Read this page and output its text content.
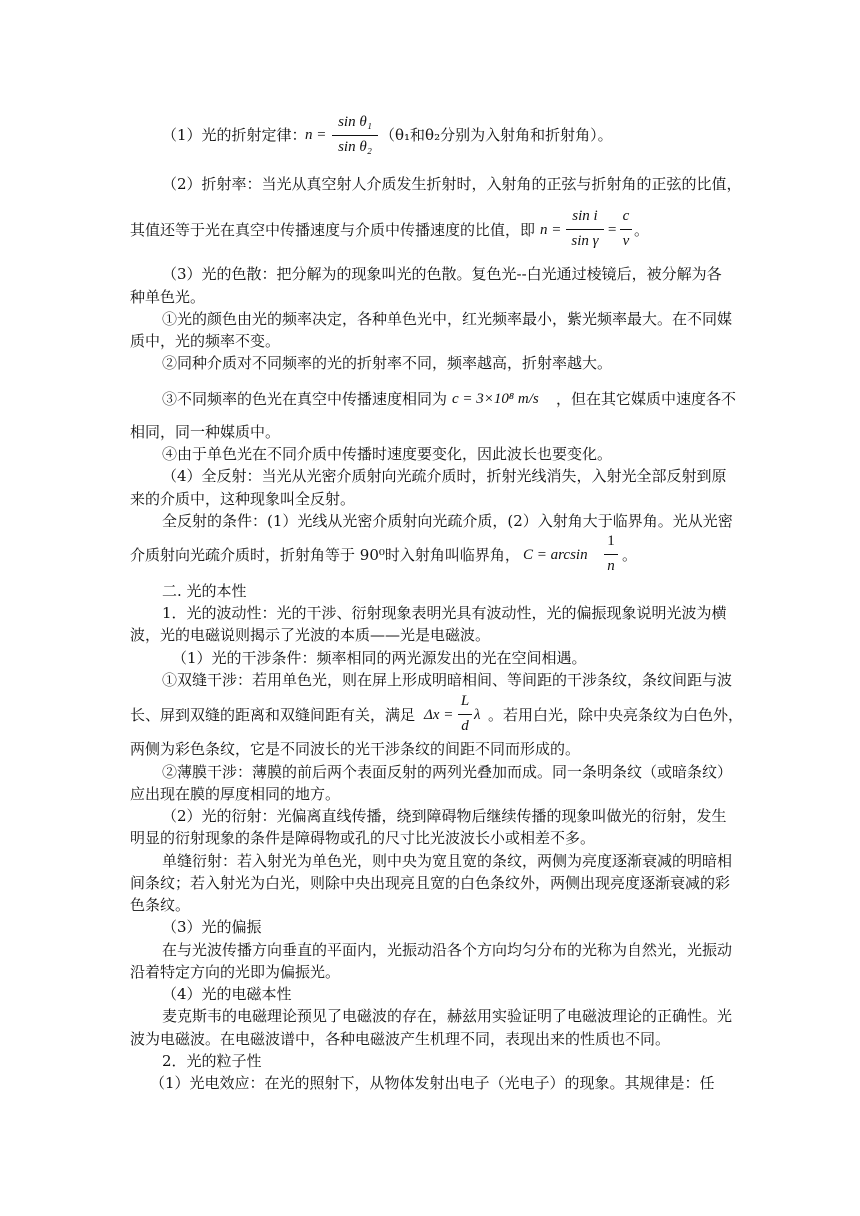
（1）光的折射定律：
n =	（θ₁和θ₂分别为入射角和折射角）。
sin θ₁
sin θ₂
（2）折射率：当光从真空射人介质发生折射时，入射角的正弦与折射角的正弦的比值，
其值还等于光在真空中传播速度与介质中传播速度的比值，即 n =	= 。
sin i
sin γ
c
v
（3）光的色散：把分解为的现象叫光的色散。复色光--白光通过棱镜后，被分解为各
种单色光。
①光的颜色由光的频率决定，各种单色光中，红光频率最小，紫光频率最大。在不同媒
质中，光的频率不变。
②同种介质对不同频率的光的折射率不同，频率越高，折射率越大。
③不同频率的色光在真空中传播速度相同为 c = 3×10⁸ m/s ，但在其它媒质中速度各不
相同，同一种媒质中。
④由于单色光在不同介质中传播时速度要变化，因此波长也要变化。
（4）全反射：当光从光密介质射向光疏介质时，折射光线消失，入射光全部反射到原
来的介质中，这种现象叫全反射。
全反射的条件：(1）光线从光密介质射向光疏介质，(2）入射角大于临界角。光从光密
介质射向光疏介质时，折射角等于 90⁰时入射角叫临界角， C = arcsin 。
1
n
二. 光的本性
1．光的波动性：光的干涉、衍射现象表明光具有波动性，光的偏振现象说明光波为横
波，光的电磁说则揭示了光波的本质——光是电磁波。
（1）光的干涉条件：频率相同的两光源发出的光在空间相遇。
①双缝干涉：若用单色光，则在屏上形成明暗相间、等间距的干涉条纹，条纹间距与波
长、屏到双缝的距离和双缝间距有关，满足 Δx = λ 。若用白光，除中央亮条纹为白色外，
L
d
两侧为彩色条纹，它是不同波长的光干涉条纹的间距不同而形成的。
②薄膜干涉：薄膜的前后两个表面反射的两列光叠加而成。同一条明条纹（或暗条纹）
应出现在膜的厚度相同的地方。
（2）光的衍射：光偏离直线传播，绕到障碍物后继续传播的现象叫做光的衍射，发生
明显的衍射现象的条件是障碍物或孔的尺寸比光波波长小或相差不多。
单缝衍射：若入射光为单色光，则中央为宽且宽的条纹，两侧为亮度逐渐衰减的明暗相
间条纹；若入射光为白光，则除中央出现亮且宽的白色条纹外，两侧出现亮度逐渐衰减的彩
色条纹。
（3）光的偏振
在与光波传播方向垂直的平面内，光振动沿各个方向均匀分布的光称为自然光，光振动
沿着特定方向的光即为偏振光。
（4）光的电磁本性
麦克斯韦的电磁理论预见了电磁波的存在，赫兹用实验证明了电磁波理论的正确性。光
波为电磁波。在电磁波谱中，各种电磁波产生机理不同，表现出来的性质也不同。
2．光的粒子性
（1）光电效应：在光的照射下，从物体发射出电子（光电子）的现象。其规律是：任
